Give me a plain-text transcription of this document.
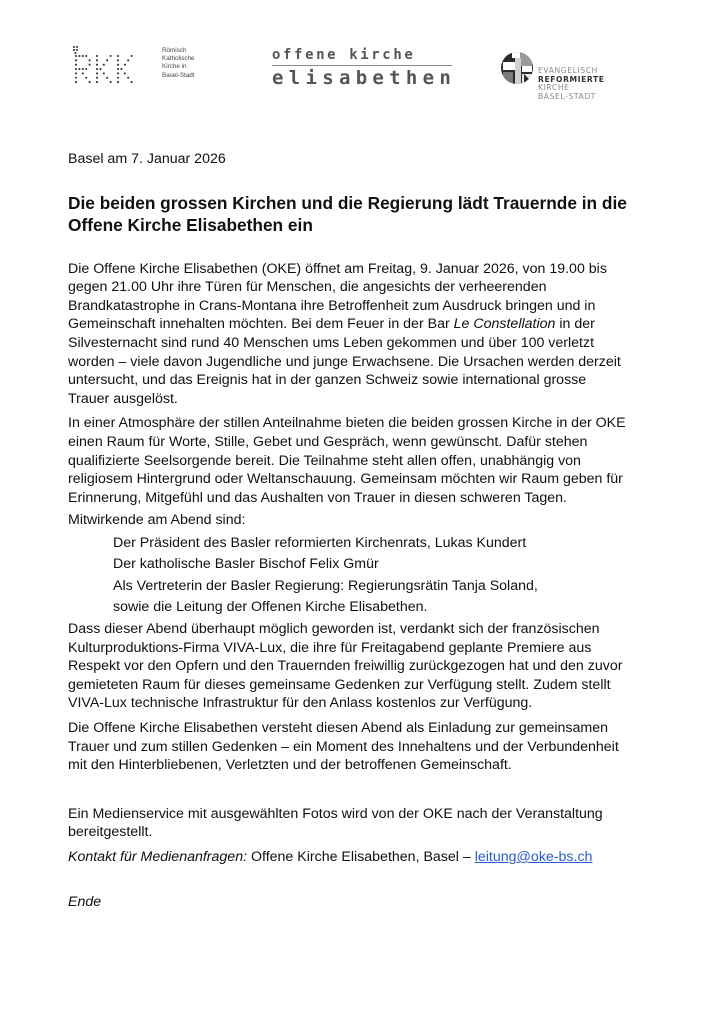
Römisch
Katholische
Kirche in
Basel-Stadt
offene kirche
elisabethen	EVANGELISCH
REFORMIERTE
KIRCHE
BASEL-STADT

Basel am 7. Januar 2026

Die beiden grossen Kirchen und die Regierung lädt Trauernde in die Offene Kirche Elisabethen ein

Die Offene Kirche Elisabethen (OKE) öffnet am Freitag, 9. Januar 2026, von 19.00 bis gegen 21.00 Uhr ihre Türen für Menschen, die angesichts der verheerenden Brandkatastrophe in Crans-Montana ihre Betroffenheit zum Ausdruck bringen und in Gemeinschaft innehalten möchten. Bei dem Feuer in der Bar Le Constellation in der Silvesternacht sind rund 40 Menschen ums Leben gekommen und über 100 verletzt worden – viele davon Jugendliche und junge Erwachsene. Die Ursachen werden derzeit untersucht, und das Ereignis hat in der ganzen Schweiz sowie international grosse Trauer ausgelöst.

In einer Atmosphäre der stillen Anteilnahme bieten die beiden grossen Kirche in der OKE einen Raum für Worte, Stille, Gebet und Gespräch, wenn gewünscht. Dafür stehen qualifizierte Seelsorgende bereit. Die Teilnahme steht allen offen, unabhängig von religiosem Hintergrund oder Weltanschauung. Gemeinsam möchten wir Raum geben für Erinnerung, Mitgefühl und das Aushalten von Trauer in diesen schweren Tagen.

Mitwirkende am Abend sind:

Der Präsident des Basler reformierten Kirchenrats, Lukas Kundert
Der katholische Basler Bischof Felix Gmür
Als Vertreterin der Basler Regierung: Regierungsrätin Tanja Soland,
sowie die Leitung der Offenen Kirche Elisabethen.

Dass dieser Abend überhaupt möglich geworden ist, verdankt sich der französischen Kulturproduktions-Firma VIVA-Lux, die ihre für Freitagabend geplante Premiere aus Respekt vor den Opfern und den Trauernden freiwillig zurückgezogen hat und den zuvor gemieteten Raum für dieses gemeinsame Gedenken zur Verfügung stellt. Zudem stellt VIVA-Lux technische Infrastruktur für den Anlass kostenlos zur Verfügung.

Die Offene Kirche Elisabethen versteht diesen Abend als Einladung zur gemeinsamen Trauer und zum stillen Gedenken – ein Moment des Innehaltens und der Verbundenheit mit den Hinterbliebenen, Verletzten und der betroffenen Gemeinschaft.

Ein Medienservice mit ausgewählten Fotos wird von der OKE nach der Veranstaltung bereitgestellt.

Kontakt für Medienanfragen: Offene Kirche Elisabethen, Basel – leitung@oke-bs.ch

Ende
